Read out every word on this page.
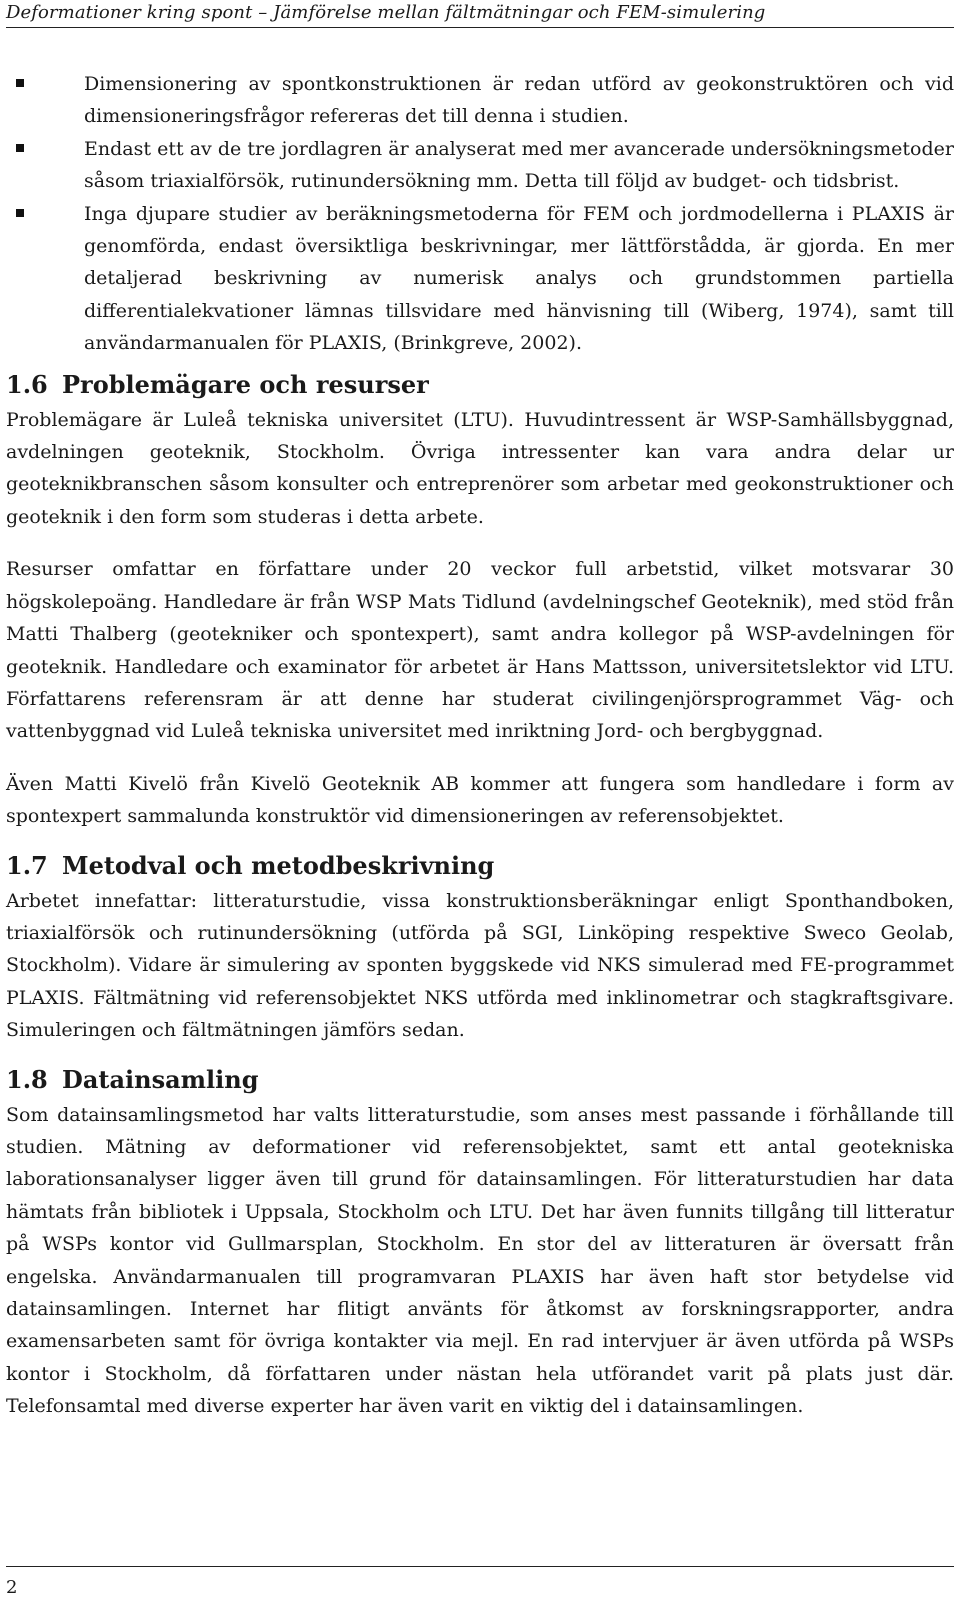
Deformationer kring spont – Jämförelse mellan fältmätningar och FEM-simulering
Dimensionering av spontkonstruktionen är redan utförd av geokonstruktören och vid dimensioneringsfrågor refereras det till denna i studien.
Endast ett av de tre jordlagren är analyserat med mer avancerade undersökningsmetoder såsom triaxialförsök, rutinundersökning mm. Detta till följd av budget- och tidsbrist.
Inga djupare studier av beräkningsmetoderna för FEM och jordmodellerna i PLAXIS är genomförda, endast översiktliga beskrivningar, mer lättförstådda, är gjorda. En mer detaljerad beskrivning av numerisk analys och grundstommen partiella differentialekvationer lämnas tillsvidare med hänvisning till (Wiberg, 1974), samt till användarmanualen för PLAXIS, (Brinkgreve, 2002).
1.6 Problemägare och resurser

Problemägare är Luleå tekniska universitet (LTU). Huvudintressent är WSP-Samhällsbyggnad, avdelningen geoteknik, Stockholm. Övriga intressenter kan vara andra delar ur geoteknikbranschen såsom konsulter och entreprenörer som arbetar med geokonstruktioner och geoteknik i den form som studeras i detta arbete.

Resurser omfattar en författare under 20 veckor full arbetstid, vilket motsvarar 30 högskolepoäng. Handledare är från WSP Mats Tidlund (avdelningschef Geoteknik), med stöd från Matti Thalberg (geotekniker och spontexpert), samt andra kollegor på WSP-avdelningen för geoteknik. Handledare och examinator för arbetet är Hans Mattsson, universitetslektor vid LTU. Författarens referensram är att denne har studerat civilingenjörsprogrammet Väg- och vattenbyggnad vid Luleå tekniska universitet med inriktning Jord- och bergbyggnad.

Även Matti Kivelö från Kivelö Geoteknik AB kommer att fungera som handledare i form av spontexpert sammalunda konstruktör vid dimensioneringen av referensobjektet.

1.7 Metodval och metodbeskrivning

Arbetet innefattar: litteraturstudie, vissa konstruktionsberäkningar enligt Sponthandboken, triaxialförsök och rutinundersökning (utförda på SGI, Linköping respektive Sweco Geolab, Stockholm). Vidare är simulering av sponten byggskede vid NKS simulerad med FE-programmet PLAXIS. Fältmätning vid referensobjektet NKS utförda med inklinometrar och stagkraftsgivare. Simuleringen och fältmätningen jämförs sedan.

1.8 Datainsamling

Som datainsamlingsmetod har valts litteraturstudie, som anses mest passande i förhållande till studien. Mätning av deformationer vid referensobjektet, samt ett antal geotekniska laborationsanalyser ligger även till grund för datainsamlingen. För litteraturstudien har data hämtats från bibliotek i Uppsala, Stockholm och LTU. Det har även funnits tillgång till litteratur på WSPs kontor vid Gullmarsplan, Stockholm. En stor del av litteraturen är översatt från engelska. Användarmanualen till programvaran PLAXIS har även haft stor betydelse vid datainsamlingen. Internet har flitigt använts för åtkomst av forskningsrapporter, andra examensarbeten samt för övriga kontakter via mejl. En rad intervjuer är även utförda på WSPs kontor i Stockholm, då författaren under nästan hela utförandet varit på plats just där. Telefonsamtal med diverse experter har även varit en viktig del i datainsamlingen.

2
